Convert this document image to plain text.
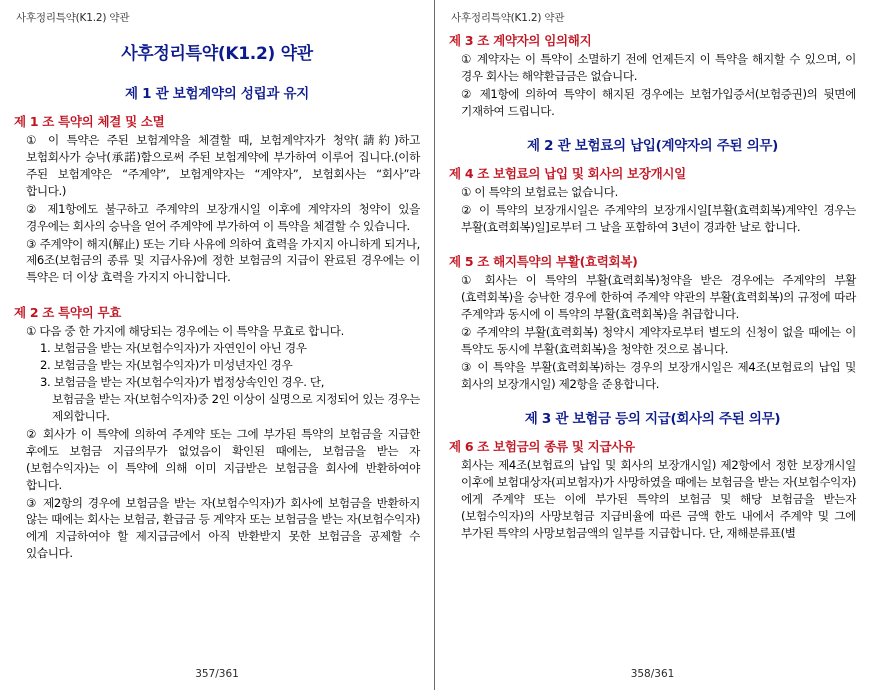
사후정리특약(K1.2) 약관
사후정리특약(K1.2) 약관
제 1 관 보험계약의 성립과 유지
제 1 조 특약의 체결 및 소멸

① 이 특약은 주된 보험계약을 체결할 때, 보험계약자가 청약(請約)하고 보험회사가 승낙(承諾)함으로써 주된 보험계약에 부가하여 이루어 집니다.(이하 주된 보험계약은 “주계약”, 보험계약자는 “계약자”, 보험회사는 “회사”라 합니다.)

② 제1항에도 불구하고 주계약의 보장개시일 이후에 계약자의 청약이 있을 경우에는 회사의 승낙을 얻어 주계약에 부가하여 이 특약을 체결할 수 있습니다.

③ 주계약이 해지(解止) 또는 기타 사유에 의하여 효력을 가지지 아니하게 되거나, 제6조(보험금의 종류 및 지급사유)에 정한 보험금의 지급이 완료된 경우에는 이 특약은 더 이상 효력을 가지지 아니합니다.

제 2 조 특약의 무효

① 다음 중 한 가지에 해당되는 경우에는 이 특약을 무효로 합니다.

1. 보험금을 받는 자(보험수익자)가 자연인이 아닌 경우

2. 보험금을 받는 자(보험수익자)가 미성년자인 경우

3. 보험금을 받는 자(보험수익자)가 법정상속인인 경우. 단,

보험금을 받는 자(보험수익자)중 2인 이상이 실명으로 지정되어 있는 경우는 제외합니다.

② 회사가 이 특약에 의하여 주계약 또는 그에 부가된 특약의 보험금을 지급한 후에도 보험금 지급의무가 없었음이 확인된 때에는, 보험금을 받는 자(보험수익자)는 이 특약에 의해 이미 지급받은 보험금을 회사에 반환하여야 합니다.

③ 제2항의 경우에 보험금을 받는 자(보험수익자)가 회사에 보험금을 반환하지 않는 때에는 회사는 보험금, 환급금 등 계약자 또는 보험금을 받는 자(보험수익자)에게 지급하여야 할 제지급금에서 아직 반환받지 못한 보험금을 공제할 수 있습니다.

357/361
사후정리특약(K1.2) 약관
제 3 조 계약자의 임의해지

① 계약자는 이 특약이 소멸하기 전에 언제든지 이 특약을 해지할 수 있으며, 이 경우 회사는 해약환급금은 없습니다.

② 제1항에 의하여 특약이 해지된 경우에는 보험가입증서(보험증권)의 뒷면에 기재하여 드립니다.

제 2 관 보험료의 납입(계약자의 주된 의무)
제 4 조 보험료의 납입 및 회사의 보장개시일

① 이 특약의 보험료는 없습니다.

② 이 특약의 보장개시일은 주계약의 보장개시일[부활(효력회복)계약인 경우는 부활(효력회복)일]로부터 그 날을 포함하여 3년이 경과한 날로 합니다.

제 5 조 해지특약의 부활(효력회복)

① 회사는 이 특약의 부활(효력회복)청약을 받은 경우에는 주계약의 부활(효력회복)을 승낙한 경우에 한하여 주계약 약관의 부활(효력회복)의 규정에 따라 주계약과 동시에 이 특약의 부활(효력회복)을 취급합니다.

② 주계약의 부활(효력회복) 청약시 계약자로부터 별도의 신청이 없을 때에는 이 특약도 동시에 부활(효력회복)을 청약한 것으로 봅니다.

③ 이 특약을 부활(효력회복)하는 경우의 보장개시일은 제4조(보험료의 납입 및 회사의 보장개시일) 제2항을 준용합니다.

제 3 관 보험금 등의 지급(회사의 주된 의무)
제 6 조 보험금의 종류 및 지급사유

회사는 제4조(보험료의 납입 및 회사의 보장개시일) 제2항에서 정한 보장개시일 이후에 보험대상자(피보험자)가 사망하였을 때에는 보험금을 받는 자(보험수익자)에게 주계약 또는 이에 부가된 특약의 보험금 및 해당 보험금을 받는자(보험수익자)의 사망보험금 지급비율에 따른 금액 한도 내에서 주계약 및 그에 부가된 특약의 사망보험금액의 일부를 지급합니다. 단, 재해분류표(별

358/361
